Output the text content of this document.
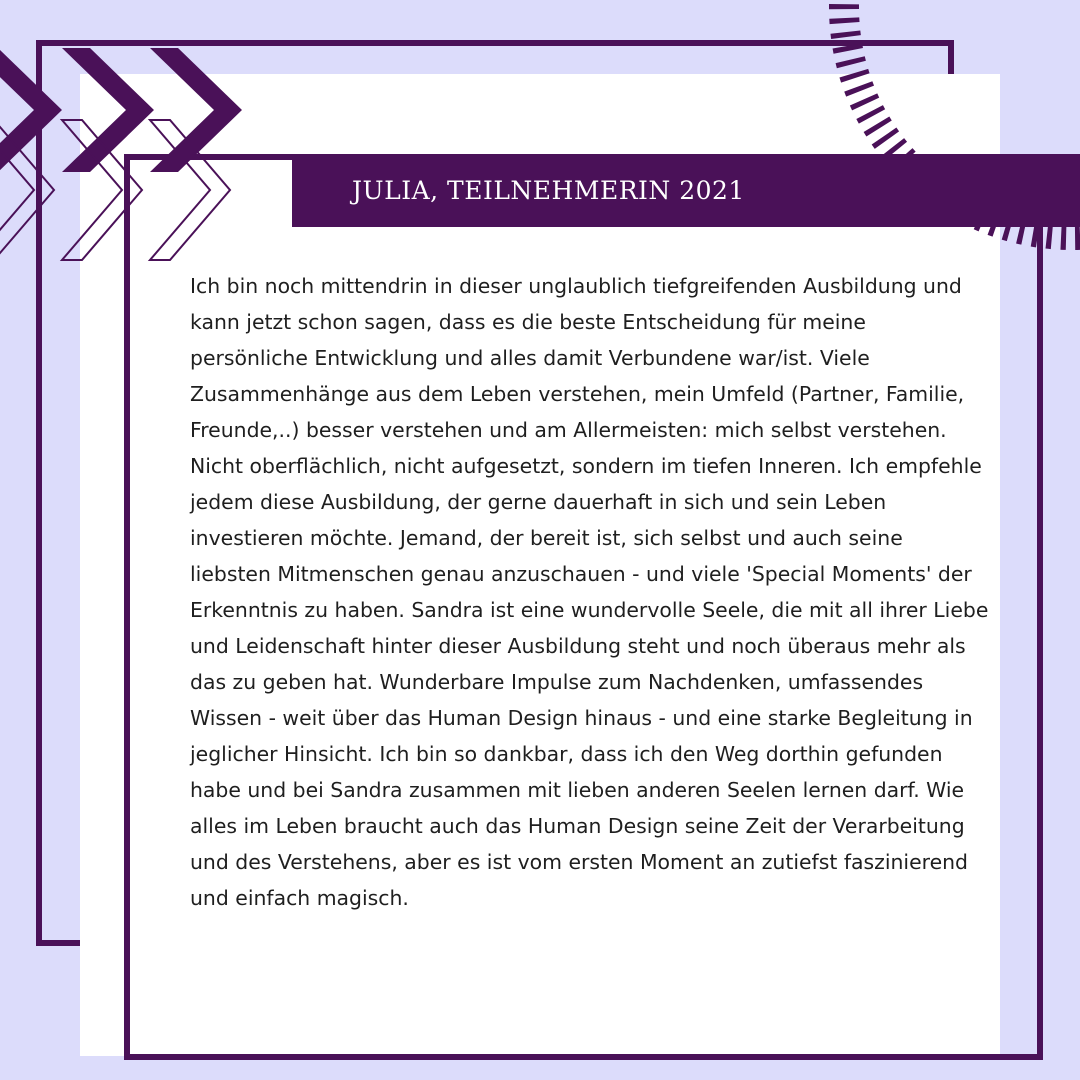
JULIA, TEILNEHMERIN 2021

Ich bin noch mittendrin in dieser unglaublich tiefgreifenden Ausbildung und kann jetzt schon sagen, dass es die beste Entscheidung für meine persönliche Entwicklung und alles damit Verbundene war/ist. Viele Zusammenhänge aus dem Leben verstehen, mein Umfeld (Partner, Familie, Freunde,..) besser verstehen und am Allermeisten: mich selbst verstehen. Nicht oberflächlich, nicht aufgesetzt, sondern im tiefen Inneren. Ich empfehle jedem diese Ausbildung, der gerne dauerhaft in sich und sein Leben investieren möchte. Jemand, der bereit ist, sich selbst und auch seine liebsten Mitmenschen genau anzuschauen - und viele 'Special Moments' der Erkenntnis zu haben. Sandra ist eine wundervolle Seele, die mit all ihrer Liebe und Leidenschaft hinter dieser Ausbildung steht und noch überaus mehr als das zu geben hat. Wunderbare Impulse zum Nachdenken, umfassendes Wissen - weit über das Human Design hinaus - und eine starke Begleitung in jeglicher Hinsicht. Ich bin so dankbar, dass ich den Weg dorthin gefunden habe und bei Sandra zusammen mit lieben anderen Seelen lernen darf. Wie alles im Leben braucht auch das Human Design seine Zeit der Verarbeitung und des Verstehens, aber es ist vom ersten Moment an zutiefst faszinierend und einfach magisch.
